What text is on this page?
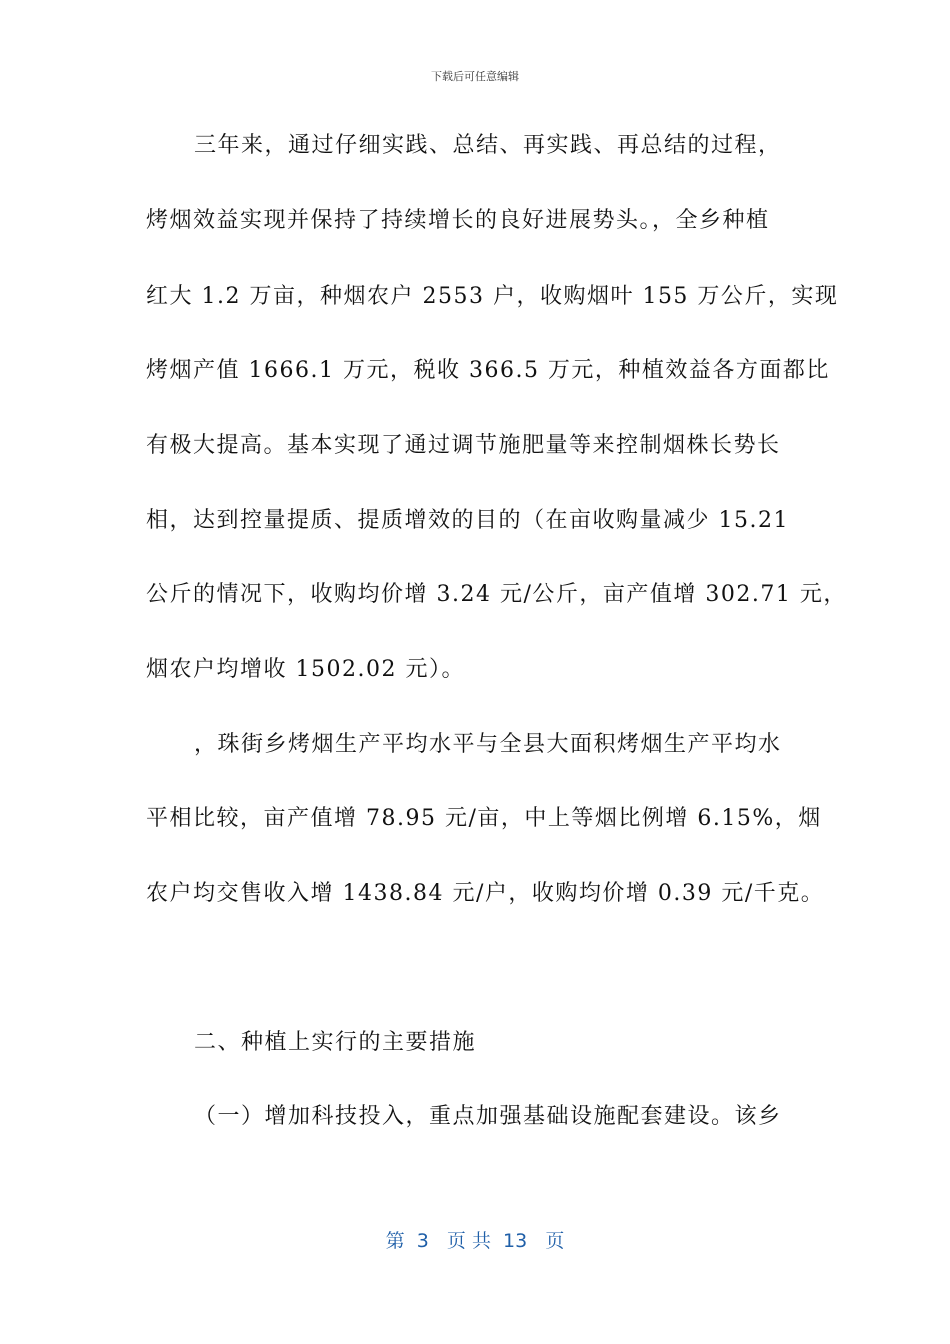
下载后可任意编辑
三年来，通过仔细实践、总结、再实践、再总结的过程，
烤烟效益实现并保持了持续增长的良好进展势头。，全乡种植
红大 1.2 万亩，种烟农户 2553 户，收购烟叶 155 万公斤，实现
烤烟产值 1666.1 万元，税收 366.5 万元，种植效益各方面都比
有极大提高。基本实现了通过调节施肥量等来控制烟株长势长
相，达到控量提质、提质增效的目的（在亩收购量减少 15.21
公斤的情况下，收购均价增 3.24 元/公斤，亩产值增 302.71 元，
烟农户均增收 1502.02 元）。
，珠街乡烤烟生产平均水平与全县大面积烤烟生产平均水
平相比较，亩产值增 78.95 元/亩，中上等烟比例增 6.15%，烟
农户均交售收入增 1438.84 元/户，收购均价增 0.39 元/千克。
二、种植上实行的主要措施
（一）增加科技投入，重点加强基础设施配套建设。该乡
第  3   页 共  13   页
